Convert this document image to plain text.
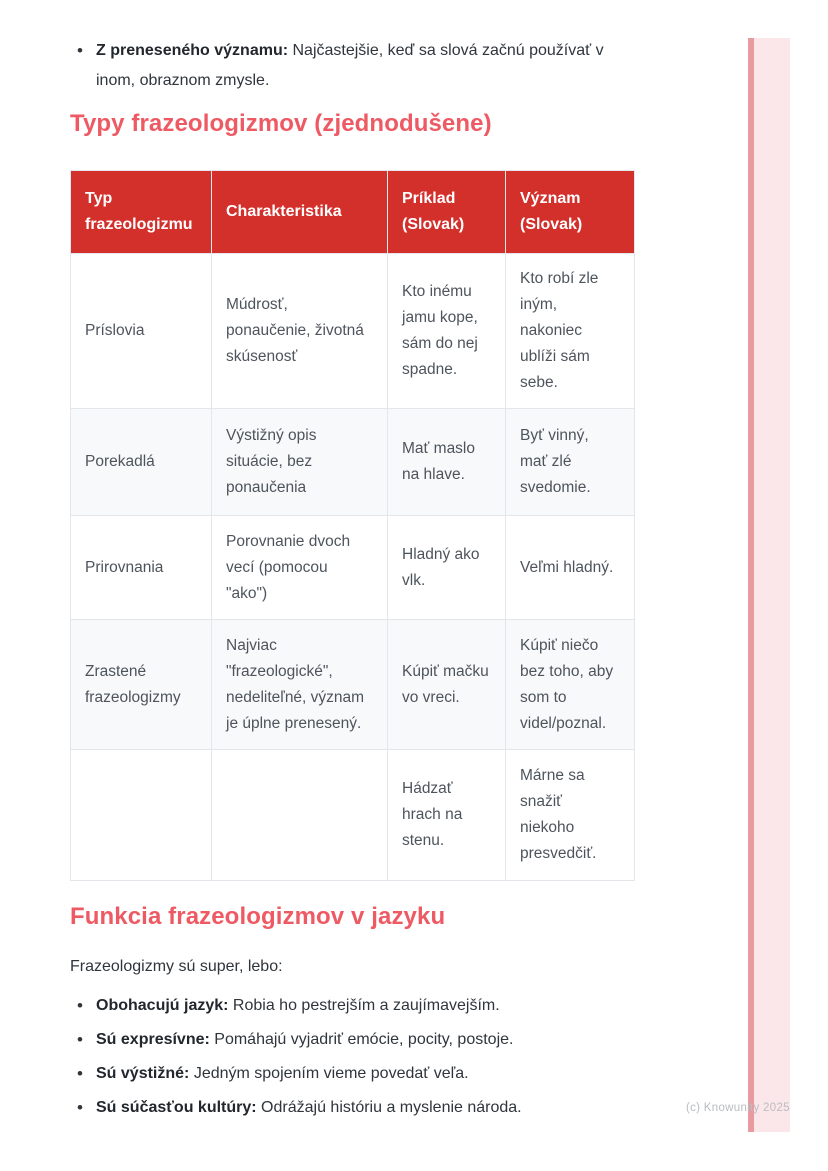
• Z preneseného významu: Najčastejšie, keď sa slová začnú používať v inom, obraznom zmysle.
Typy frazeologizmov (zjednodušene)
Typ frazeologizmu	Charakteristika	Príklad (Slovak)	Význam (Slovak)
Príslovia	Múdrosť, ponaučenie, životná skúsenosť	Kto inému jamu kope, sám do nej spadne.	Kto robí zle iným, nakoniec ublíži sám sebe.
Porekadlá	Výstižný opis situácie, bez ponaučenia	Mať maslo na hlave.	Byť vinný, mať zlé svedomie.
Prirovnania	Porovnanie dvoch vecí (pomocou "ako")	Hladný ako vlk.	Veľmi hladný.
Zrastené frazeologizmy	Najviac "frazeologické", nedeliteľné, význam je úplne prenesený.	Kúpiť mačku vo vreci.	Kúpiť niečo bez toho, aby som to videl/poznal.
		Hádzať hrach na stenu.	Márne sa snažiť niekoho presvedčiť.
Funkcia frazeologizmov v jazyku

Frazeologizmy sú super, lebo:

• Obohacujú jazyk: Robia ho pestrejším a zaujímavejším.
• Sú expresívne: Pomáhajú vyjadriť emócie, pocity, postoje.
• Sú výstižné: Jedným spojením vieme povedať veľa.
• Sú súčasťou kultúry: Odrážajú históriu a myslenie národa.	(c) Knowunity 2025
